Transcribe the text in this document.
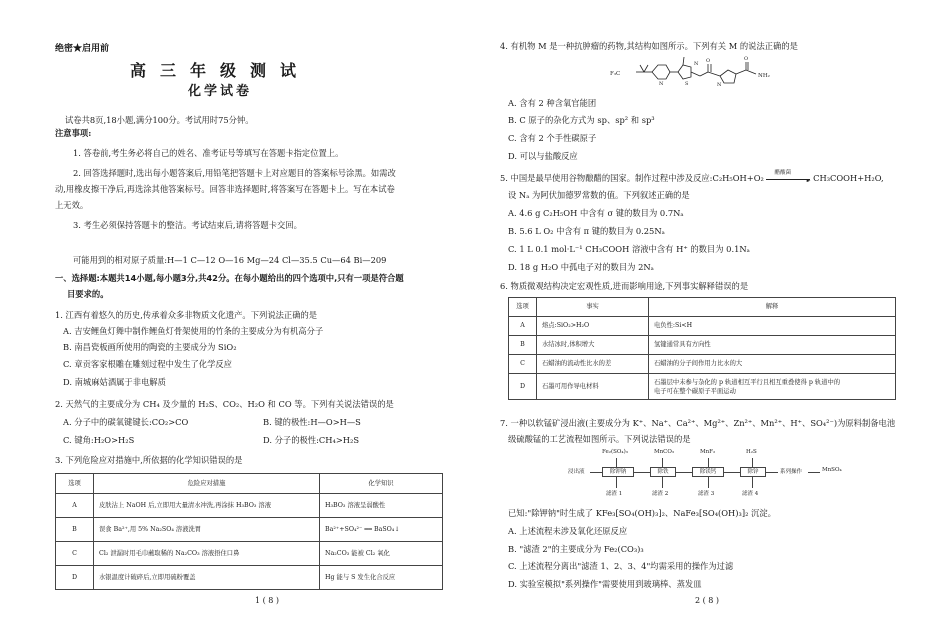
绝密★启用前
高三年级测试
化学试卷
试卷共8页,18小题,满分100分。考试用时75分钟。
注意事项:
1. 答卷前,考生务必将自己的姓名、准考证号等填写在答题卡指定位置上。
2. 回答选择题时,选出每小题答案后,用铅笔把答题卡上对应题目的答案标号涂黑。如需改
动,用橡皮擦干净后,再选涂其他答案标号。回答非选择题时,将答案写在答题卡上。写在本试卷
上无效。
3. 考生必须保持答题卡的整洁。考试结束后,请将答题卡交回。
可能用到的相对原子质量:H—1 C—12 O—16 Mg—24 Cl—35.5 Cu—64 Bi—209
一、选择题:本题共14小题,每小题3分,共42分。在每小题给出的四个选项中,只有一项是符合题
目要求的。
1. 江西有着悠久的历史,传承着众多非物质文化遗产。下列说法正确的是
A. 吉安鲤鱼灯舞中制作鲤鱼灯骨架使用的竹条的主要成分为有机高分子
B. 南昌瓷板画所使用的陶瓷的主要成分为 SiO₂
C. 章贡客家根雕在雕刻过程中发生了化学反应
D. 南城麻姑酒属于非电解质
2. 天然气的主要成分为 CH₄ 及少量的 H₂S、CO₂、H₂O 和 CO 等。下列有关说法错误的是
A. 分子中的碳氧键键长:CO₂>CO	B. 键的极性:H—O>H—S
C. 键角:H₂O>H₂S	D. 分子的极性:CH₄>H₂S
3. 下列危险应对措施中,所依据的化学知识错误的是
选项	危险应对措施	化学知识
A	皮肤沾上 NaOH 后,立即用大量清水冲洗,再涂抹 H₃BO₃ 溶液	H₃BO₃ 溶液呈弱酸性
B	误食 Ba²⁺,用 5% Na₂SO₄ 溶液洗胃	Ba²⁺+SO₄²⁻ ══ BaSO₄↓
C	Cl₂ 泄漏时用毛巾蘸取稀的 Na₂CO₃ 溶液捂住口鼻	Na₂CO₃ 能被 Cl₂ 氧化
D	水银温度计破碎后,立即用硫粉覆盖	Hg 能与 S 发生化合反应
1 ( 8 )
4. 有机物 M 是一种抗肿瘤的药物,其结构如图所示。下列有关 M 的说法正确的是
F₃C
N	S
N O
N
O
NH₂
A. 含有 2 种含氧官能团
B. C 原子的杂化方式为 sp、sp² 和 sp³
C. 含有 2 个手性碳原子
D. 可以与盐酸反应
5. 中国是最早使用谷物酿醋的国家。制作过程中涉及反应:C₂H₅OH+O₂
醋酸菌
► CH₃COOH+H₂O,
设 Nₐ 为阿伏加德罗常数的值。下列叙述正确的是
A. 4.6 g C₂H₅OH 中含有 σ 键的数目为 0.7Nₐ
B. 5.6 L O₂ 中含有 π 键的数目为 0.25Nₐ
C. 1 L 0.1 mol·L⁻¹ CH₃COOH 溶液中含有 H⁺ 的数目为 0.1Nₐ
D. 18 g H₂O 中孤电子对的数目为 2Nₐ
6. 物质微观结构决定宏观性质,进而影响用途,下列事实解释错误的是
选项	事实	解释
A	熔点:SiO₂>H₂O	电负性:Si<H
B	水结冰时,体积增大	氢键通常具有方向性
C	石蜡油的流动性比水的差	石蜡油的分子间作用力比水的大
D	石墨可用作导电材料	石墨层中未参与杂化的 p 轨道相互平行且相互重叠使得 p 轨道中的
电子可在整个碳原子平面运动
7. 一种以软锰矿浸出液(主要成分为 K⁺、Na⁺、Ca²⁺、Mg²⁺、Zn²⁺、Mn²⁺、H⁺、SO₄²⁻)为原料制备电池
级硫酸锰的工艺流程如图所示。下列说法错误的是
浸出液
Fe₂(SO₄)₃
除钾钠
滤渣 1
MnCO₃
除铁
滤渣 2
MnF₂
除镁钙
滤渣 3
H₂S
除锌
滤渣 4
系列操作	MnSO₄
已知:"除钾钠"时生成了 KFe₃[SO₄(OH)₃]₂、NaFe₃[SO₄(OH)₃]₂ 沉淀。
A. 上述流程未涉及氧化还原反应
B. "滤渣 2"的主要成分为 Fe₂(CO₃)₃
C. 上述流程分离出"滤渣 1、2、3、4"均需采用的操作为过滤
D. 实验室模拟"系列操作"需要使用到玻璃棒、蒸发皿
2 ( 8 )
